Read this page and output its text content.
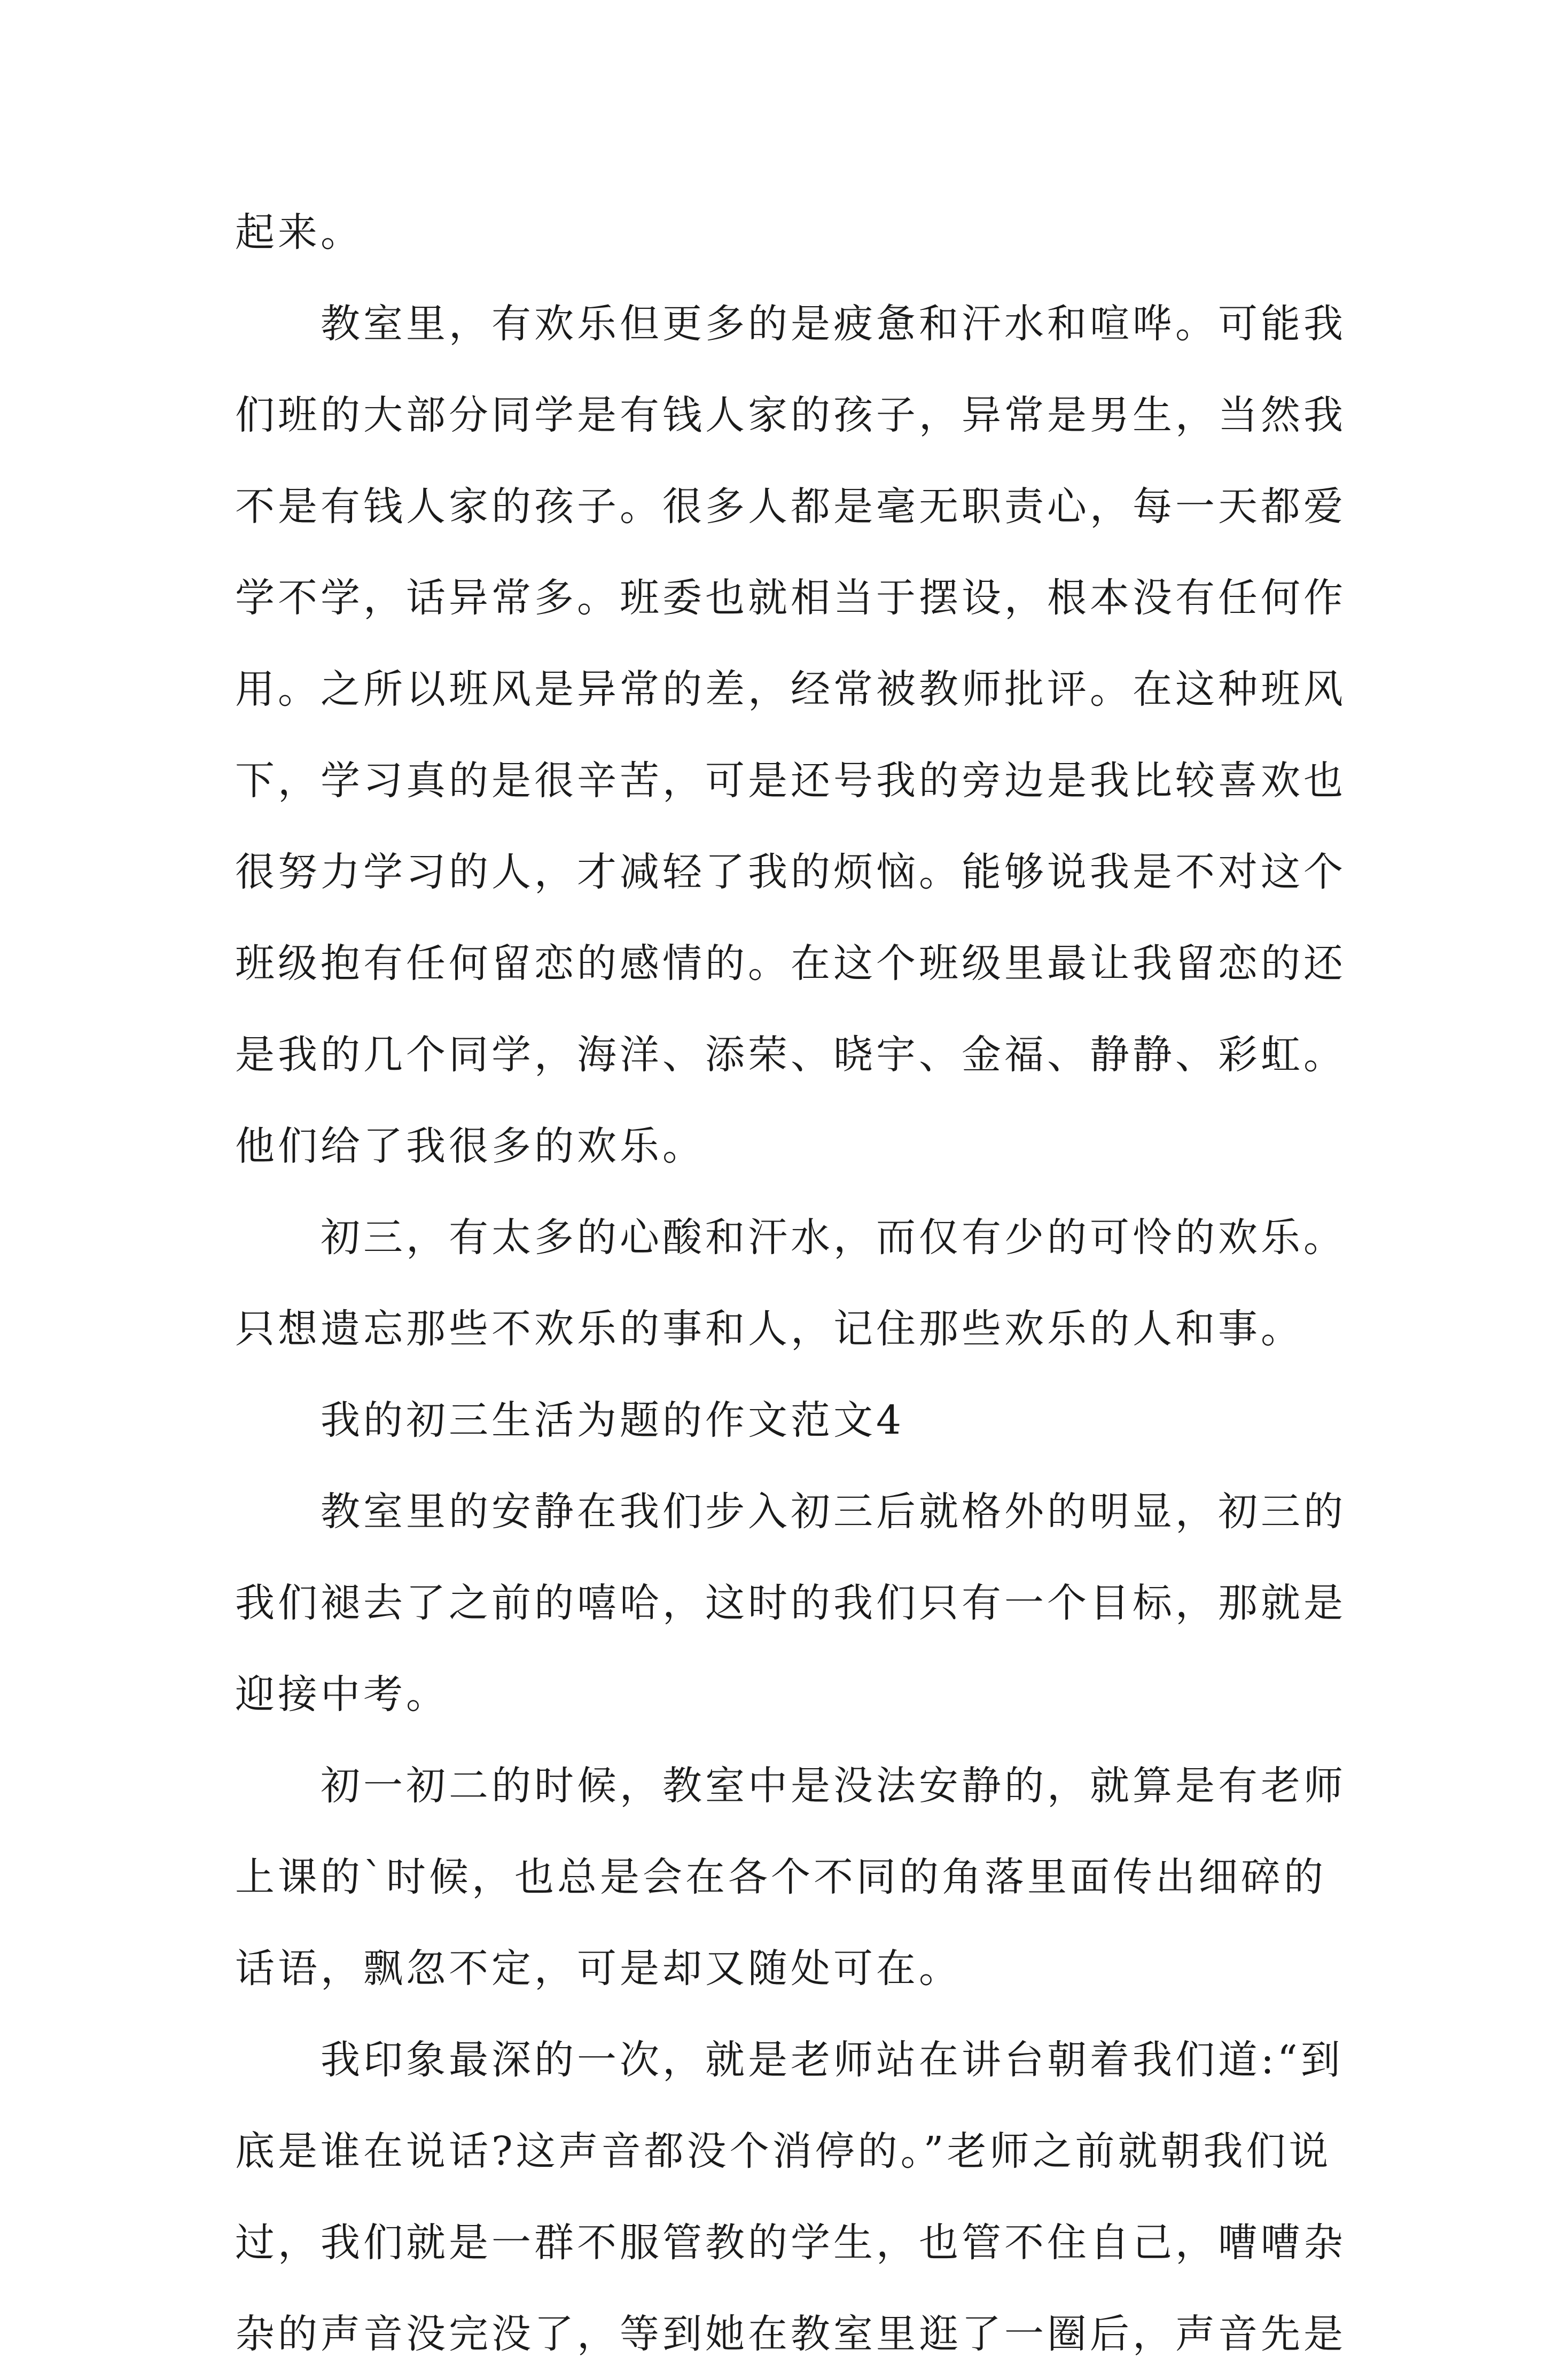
起来。
教室里，有欢乐但更多的是疲惫和汗水和喧哗。可能我
们班的大部分同学是有钱人家的孩子，异常是男生，当然我
不是有钱人家的孩子。很多人都是毫无职责心，每一天都爱
学不学，话异常多。班委也就相当于摆设，根本没有任何作
用。之所以班风是异常的差，经常被教师批评。在这种班风
下，学习真的是很辛苦，可是还号我的旁边是我比较喜欢也
很努力学习的人，才减轻了我的烦恼。能够说我是不对这个
班级抱有任何留恋的感情的。在这个班级里最让我留恋的还
是我的几个同学，海洋、添荣、晓宇、金福、静静、彩虹。
他们给了我很多的欢乐。
初三，有太多的心酸和汗水，而仅有少的可怜的欢乐。
只想遗忘那些不欢乐的事和人，记住那些欢乐的人和事。
我的初三生活为题的作文范文4
教室里的安静在我们步入初三后就格外的明显，初三的
我们褪去了之前的嘻哈，这时的我们只有一个目标，那就是
迎接中考。
初一初二的时候，教室中是没法安静的，就算是有老师
上课的`时候，也总是会在各个不同的角落里面传出细碎的
话语，飘忽不定，可是却又随处可在。
我印象最深的一次，就是老师站在讲台朝着我们道:“到
底是谁在说话?这声音都没个消停的。”老师之前就朝我们说
过，我们就是一群不服管教的学生，也管不住自己，嘈嘈杂
杂的声音没完没了，等到她在教室里逛了一圈后，声音先是
